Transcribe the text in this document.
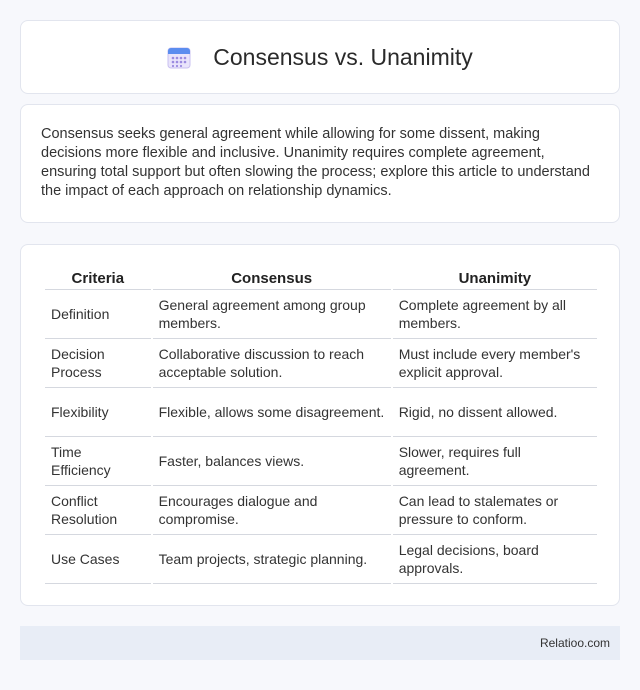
Consensus vs. Unanimity

Consensus seeks general agreement while allowing for some dissent, making decisions more flexible and inclusive. Unanimity requires complete agreement, ensuring total support but often slowing the process; explore this article to understand the impact of each approach on relationship dynamics.

Criteria	Consensus	Unanimity
Definition	General agreement among group members.	Complete agreement by all members.
Decision Process	Collaborative discussion to reach acceptable solution.	Must include every member's explicit approval.
Flexibility	Flexible, allows some disagreement.	Rigid, no dissent allowed.
Time Efficiency	Faster, balances views.	Slower, requires full agreement.
Conflict Resolution	Encourages dialogue and compromise.	Can lead to stalemates or pressure to conform.
Use Cases	Team projects, strategic planning.	Legal decisions, board approvals.
Relatioo.com
